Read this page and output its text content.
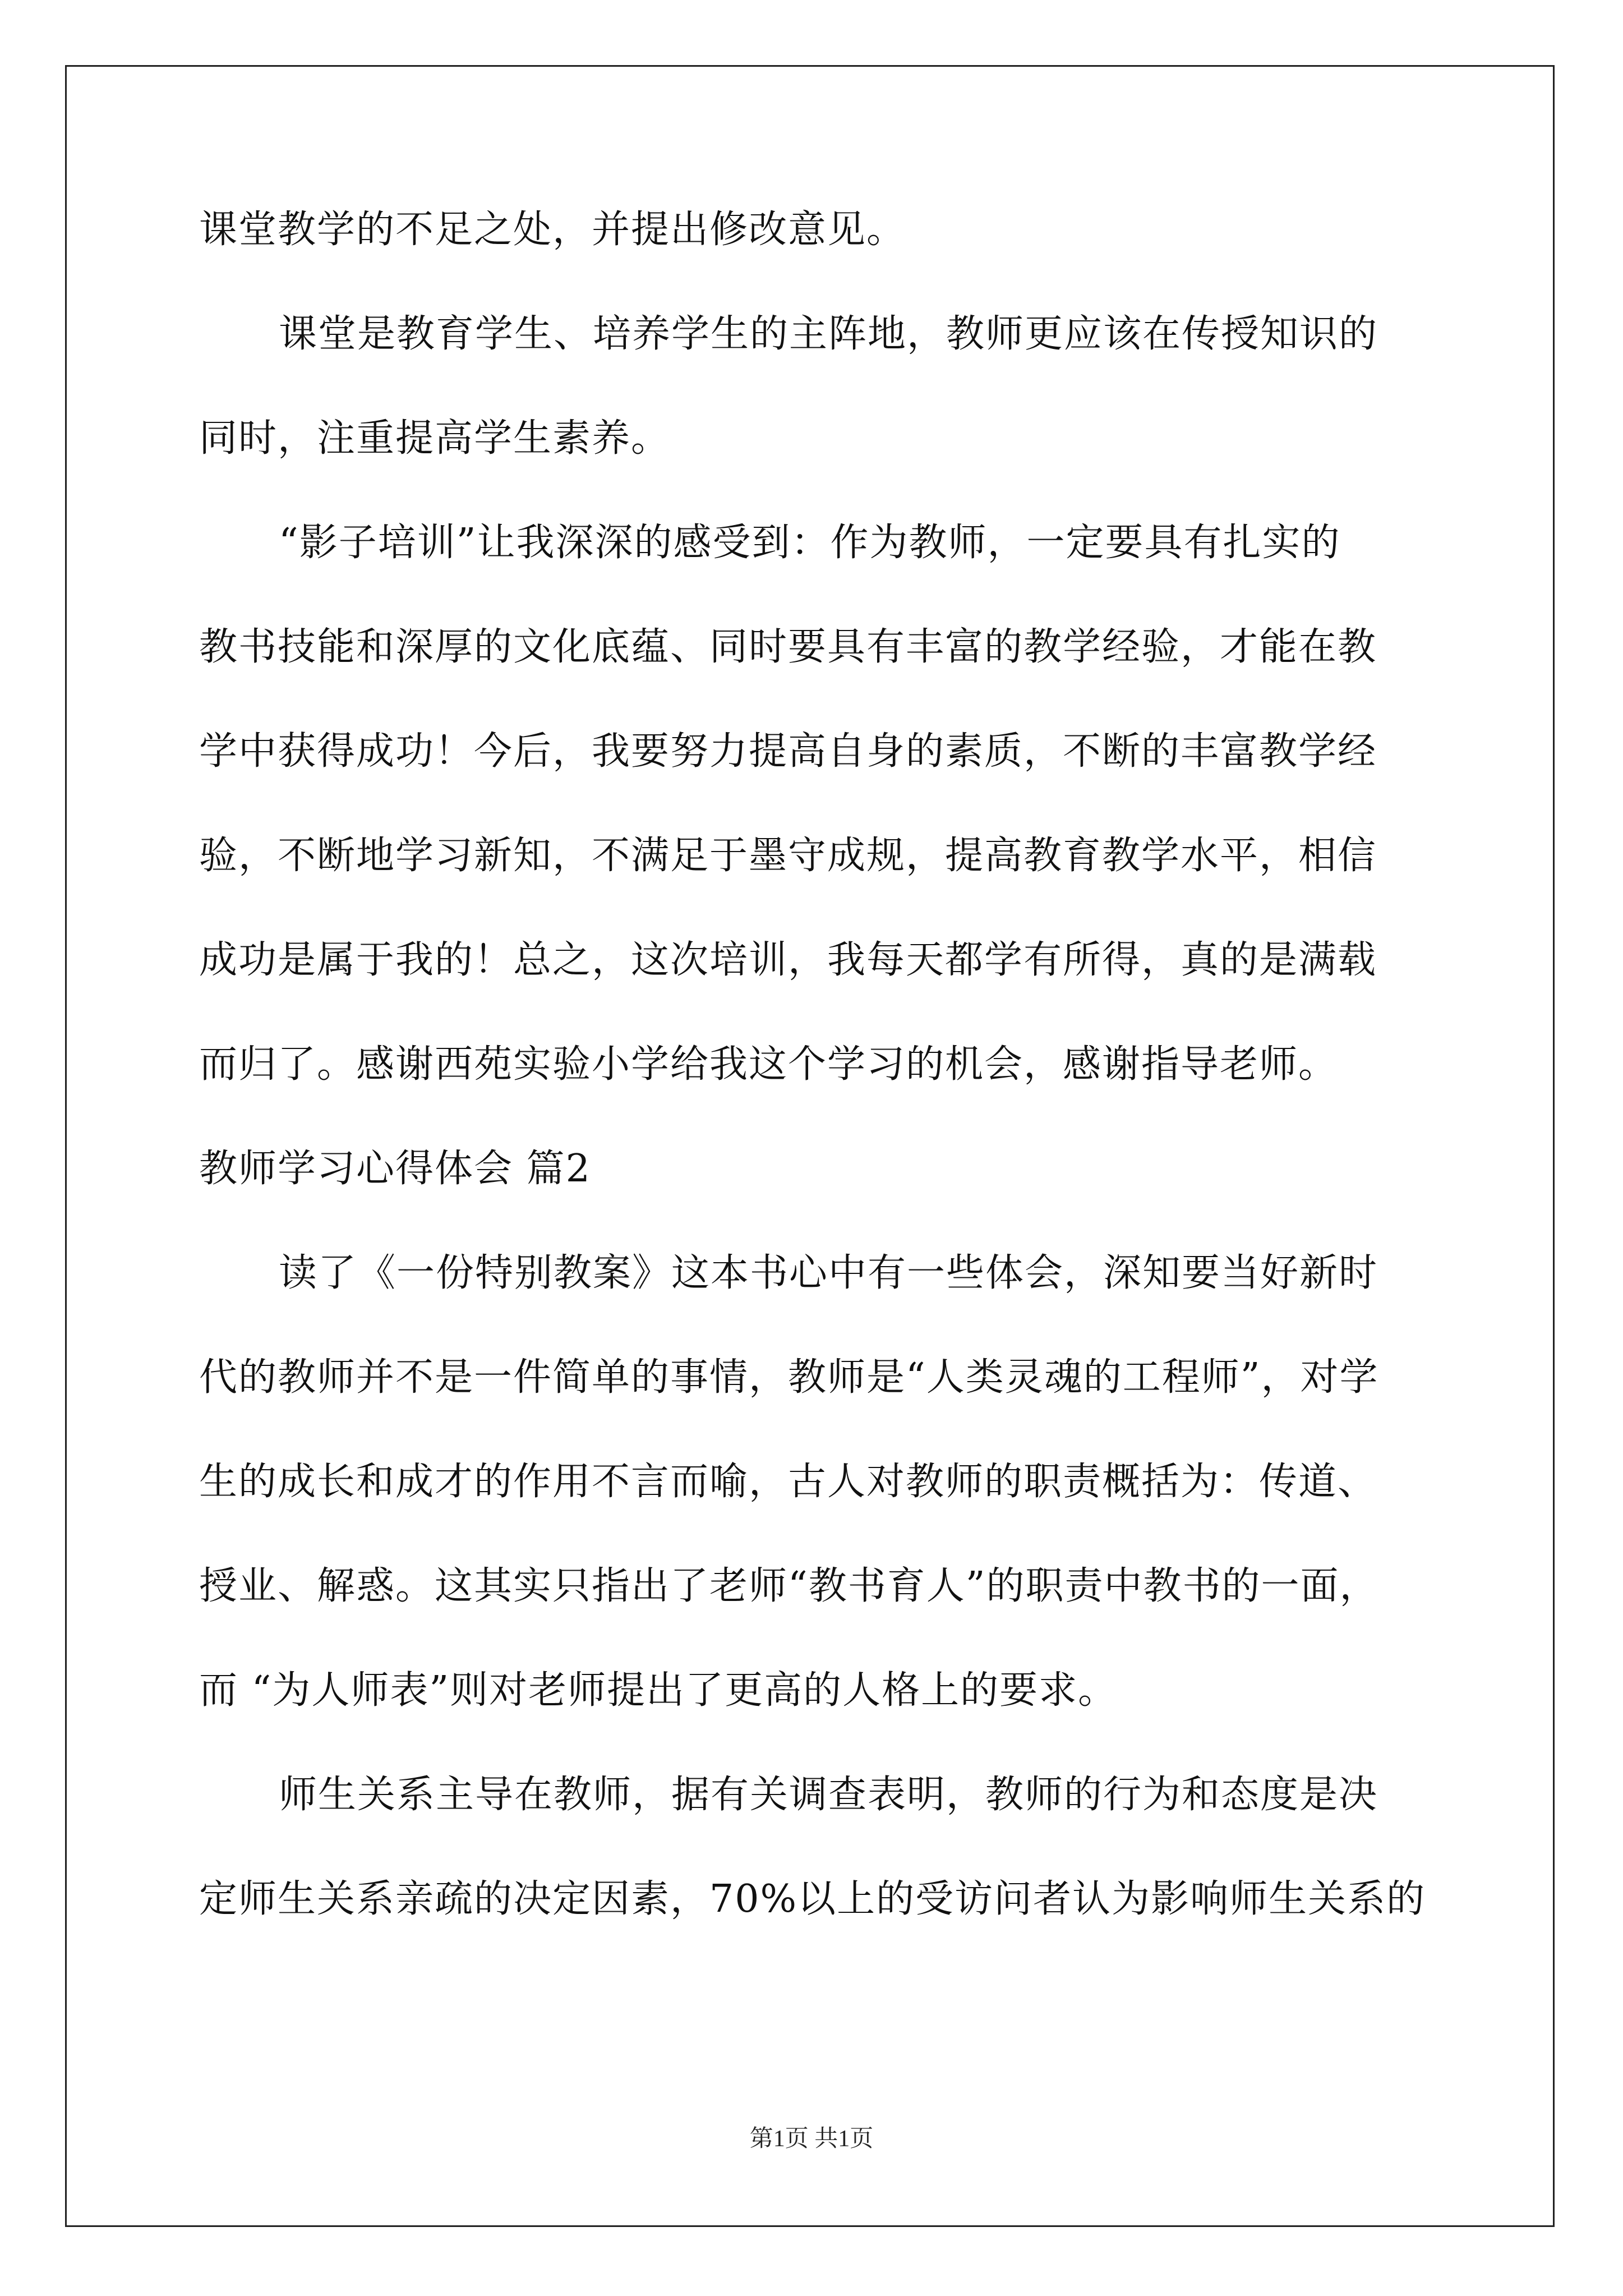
课堂教学的不足之处，并提出修改意见。
课堂是教育学生、培养学生的主阵地，教师更应该在传授知识的
同时，注重提高学生素养。
“影子培训”让我深深的感受到：作为教师，一定要具有扎实的
教书技能和深厚的文化底蕴、同时要具有丰富的教学经验，才能在教
学中获得成功！今后，我要努力提高自身的素质，不断的丰富教学经
验，不断地学习新知，不满足于墨守成规，提高教育教学水平，相信
成功是属于我的！总之，这次培训，我每天都学有所得，真的是满载
而归了。感谢西苑实验小学给我这个学习的机会，感谢指导老师。
教师学习心得体会 篇2
读了《一份特别教案》这本书心中有一些体会，深知要当好新时
代的教师并不是一件简单的事情，教师是“人类灵魂的工程师”，对学
生的成长和成才的作用不言而喻，古人对教师的职责概括为：传道、
授业、解惑。这其实只指出了老师“教书育人”的职责中教书的一面，
而 “为人师表”则对老师提出了更高的人格上的要求。
师生关系主导在教师，据有关调查表明，教师的行为和态度是决
定师生关系亲疏的决定因素，70%以上的受访问者认为影响师生关系的
第1页 共1页
